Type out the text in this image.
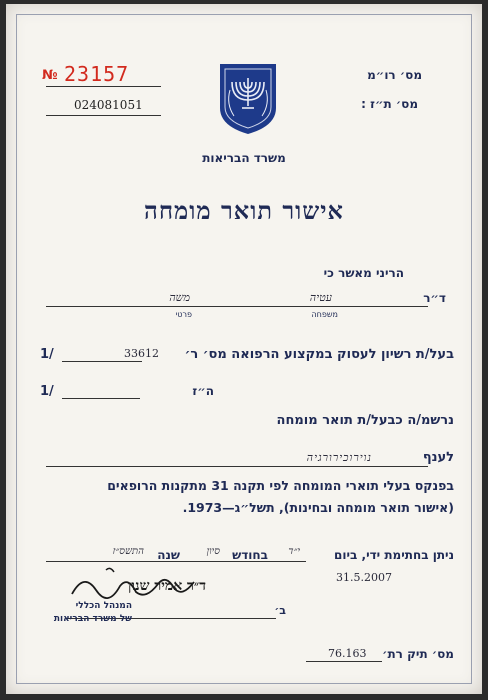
מס׳ רו״מ
№ 23157
מס׳ ת״ז :
024081051
משרד הבריאות
אישור תואר מומחה
הריני מאשר כי
ד״ר
עטיה
משה
משפחה
פרטי
בעל/ת רשיון לעסוק במקצוע הרפואה מס׳ ר׳
33612
1/
ה״ז
1/
נרשמ/ה כבעל/ת תואר מומחה
לענף
נוירוכירורגיה
בפנקס בעלי תוארי המומחה לפי תקנה 31 מתקנות הרופאים
(אישור תואר מומחה ובחינות), תשל״ג—1973.
ניתן בחתימת ידי, ביום
י״ד
בחודש
סיון
שנה
התשס״ז
31.5.2007
ד״ר אמיר שנון
המנהל הכללי	ב׳
של משרד הבריאות
מס׳ תיק רת׳
76.163
